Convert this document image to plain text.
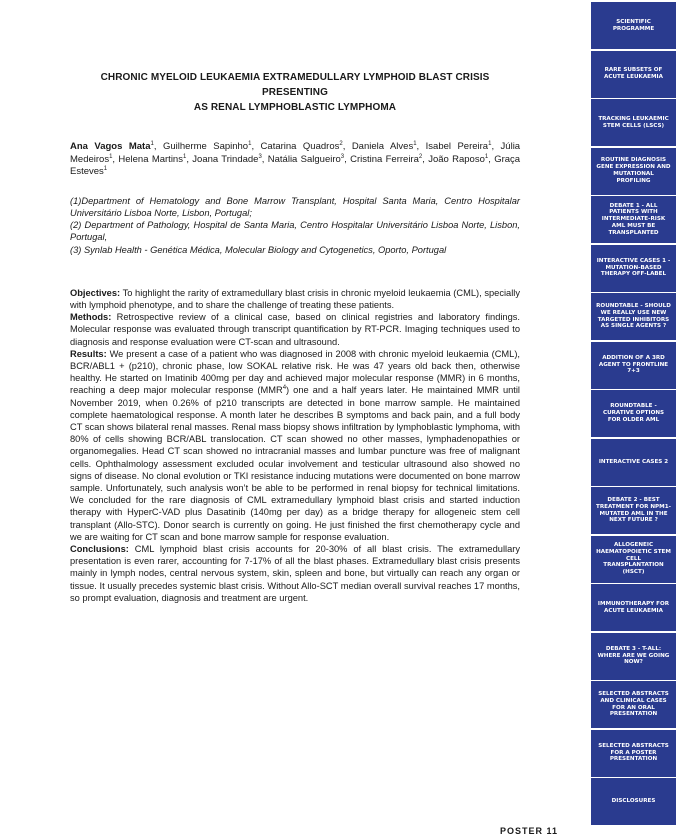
CHRONIC MYELOID LEUKAEMIA EXTRAMEDULLARY LYMPHOID BLAST CRISIS PRESENTING
AS RENAL LYMPHOBLASTIC LYMPHOMA
Ana Vagos Mata$^1$, Guilherme Sapinho$^1$, Catarina Quadros$^2$, Daniela Alves$^1$, Isabel Pereira$^1$, Júlia Medeiros$^1$, Helena Martins$^1$, Joana Trindade$^3$, Natália Salgueiro$^3$, Cristina Ferreira$^2$, João Raposo$^1$, Graça Esteves$^1$
(1)Department of Hematology and Bone Marrow Transplant, Hospital Santa Maria, Centro Hospitalar Universitário Lisboa Norte, Lisbon, Portugal;
(2) Department of Pathology, Hospital de Santa Maria, Centro Hospitalar Universitário Lisboa Norte, Lisbon, Portugal,
(3) Synlab Health - Genética Médica, Molecular Biology and Cytogenetics, Oporto, Portugal

Objectives: To highlight the rarity of extramedullary blast crisis in chronic myeloid leukaemia (CML), specially with lymphoid phenotype, and to share the challenge of treating these patients.

Methods: Retrospective review of a clinical case, based on clinical registries and laboratory findings. Molecular response was evaluated through transcript quantification by RT-PCR. Imaging techniques used to diagnosis and response evaluation were CT-scan and ultrasound.

Results: We present a case of a patient who was diagnosed in 2008 with chronic myeloid leukaemia (CML), BCR/ABL1 + (p210), chronic phase, low SOKAL relative risk. He was 47 years old back then, otherwise healthy. He started on Imatinib 400mg per day and achieved major molecular response (MMR) in 6 months, reaching a deep major molecular response (MMR$^4$) one and a half years later. He maintained MMR until November 2019, when 0.26% of p210 transcripts are detected in bone marrow sample. He maintained complete haematological response. A month later he describes B symptoms and back pain, and a full body CT scan shows bilateral renal masses. Renal mass biopsy shows infiltration by lymphoblastic lymphoma, with 80% of cells showing BCR/ABL translocation. CT scan showed no other masses, lymphadenopathies or organomegalies. Head CT scan showed no intracranial masses and lumbar puncture was free of malignant cells. Ophthalmology assessment excluded ocular involvement and testicular ultrasound also showed no signs of disease. No clonal evolution or TKI resistance inducing mutations were documented on bone marrow sample. Unfortunately, such analysis won’t be able to be performed in renal biopsy for technical limitations. We concluded for the rare diagnosis of CML extramedullary lymphoid blast crisis and started induction therapy with HyperC-VAD plus Dasatinib (140mg per day) as a bridge therapy for allogeneic stem cell transplant (Allo-STC). Donor search is currently on going. He just finished the first chemotherapy cycle and we are waiting for CT scan and bone marrow sample for response evaluation.

Conclusions: CML lymphoid blast crisis accounts for 20-30% of all blast crisis. The extramedullary presentation is even rarer, accounting for 7-17% of all the blast phases. Extramedullary blast crisis presents mainly in lymph nodes, central nervous system, skin, spleen and bone, but virtually can reach any organ or tissue. It usually precedes systemic blast crisis. Without Allo-SCT median overall survival reaches 17 months, so prompt evaluation, diagnosis and treatment are urgent.

SCIENTIFIC PROGRAMME
RARE SUBSETS OF ACUTE LEUKAEMIA
TRACKING LEUKAEMIC STEM CELLS (LSCS)
ROUTINE DIAGNOSIS GENE EXPRESSION AND MUTATIONAL PROFILING
DEBATE 1 - ALL PATIENTS WITH INTERMEDIATE-RISK AML MUST BE TRANSPLANTED
INTERACTIVE CASES 1 - MUTATION-BASED THERAPY OFF-LABEL
ROUNDTABLE - SHOULD WE REALLY USE NEW TARGETED INHIBITORS AS SINGLE AGENTS ?
ADDITION OF A 3RD AGENT TO FRONTLINE 7+3
ROUNDTABLE - CURATIVE OPTIONS FOR OLDER AML
INTERACTIVE CASES 2
DEBATE 2 - BEST TREATMENT FOR NPM1-MUTATED AML IN THE NEXT FUTURE ?
ALLOGENEIC HAEMATOPOIETIC STEM CELL TRANSPLANTATION (HSCT)
IMMUNOTHERAPY FOR ACUTE LEUKAEMIA
DEBATE 3 - T-ALL: WHERE ARE WE GOING NOW?
SELECTED ABSTRACTS AND CLINICAL CASES FOR AN ORAL PRESENTATION
SELECTED ABSTRACTS FOR A POSTER PRESENTATION
DISCLOSURES
POSTER 11
